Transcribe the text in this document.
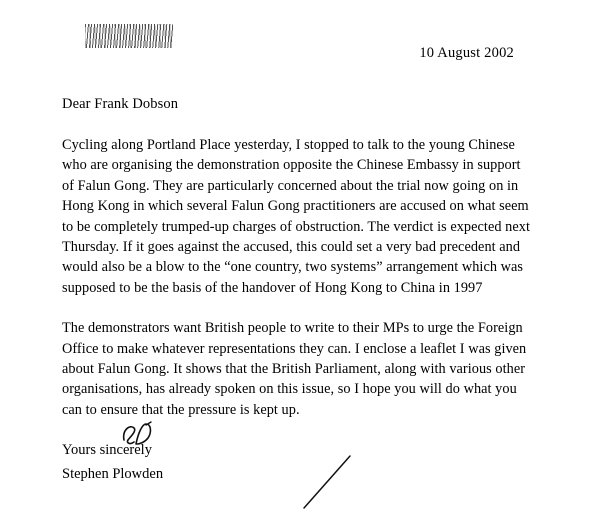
10 August 2002

Dear Frank Dobson

Cycling along Portland Place yesterday, I stopped to talk to the young Chinese who are organising the demonstration opposite the Chinese Embassy in support of Falun Gong. They are particularly concerned about the trial now going on in Hong Kong in which several Falun Gong practitioners are accused on what seem to be completely trumped-up charges of obstruction. The verdict is expected next Thursday. If it goes against the accused, this could set a very bad precedent and would also be a blow to the “one country, two systems” arrangement which was supposed to be the basis of the handover of Hong Kong to China in 1997

The demonstrators want British people to write to their MPs to urge the Foreign Office to make whatever representations they can. I enclose a leaflet I was given about Falun Gong. It shows that the British Parliament, along with various other organisations, has already spoken on this issue, so I hope you will do what you can to ensure that the pressure is kept up.

Yours sincerely

Stephen Plowden
